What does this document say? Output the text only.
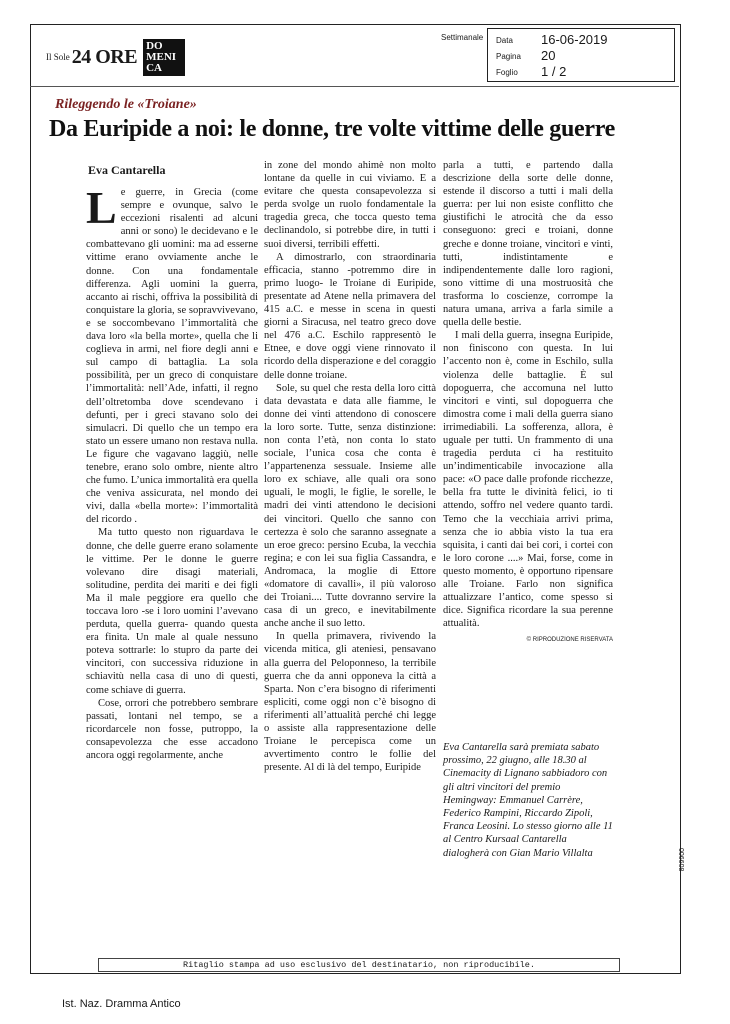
Il Sole 24 ORE DO MENI CA
Settimanale Data 16-06-2019
Pagina 20
Foglio 1 / 2
Rileggendo le «Troiane»
Da Euripide a noi: le donne, tre volte vittime delle guerre
Eva Cantarella

Le guerre, in Grecia (come sempre e ovunque, salvo le eccezioni risalenti ad alcuni anni or sono) le decidevano e le combattevano gli uomini: ma ad esserne vittime erano ovviamente anche le donne. Con una fondamentale differenza. Agli uomini la guerra, accanto ai rischi, offriva la possibilità di conquistare la gloria, se sopravvivevano, e se soccombevano l’immortalità che dava loro «la bella morte», quella che li coglieva in armi, nel fiore degli anni e sul campo di battaglia. La sola possibilità, per un greco di conquistare l’immortalità: nell’Ade, infatti, il regno dell’oltretomba dove scendevano i defunti, per i greci stavano solo dei simulacri. Di quello che un tempo era stato un essere umano non restava nulla. Le figure che vagavano laggiù, nelle tenebre, erano solo ombre, niente altro che fumo. L’unica immortalità era quella che veniva assicurata, nel mondo dei vivi, dalla «bella morte»: l’immortalità del ricordo .

Ma tutto questo non riguardava le donne, che delle guerre erano solamente le vittime. Per le donne le guerre volevano dire disagi materiali, solitudine, perdita dei mariti e dei figli Ma il male peggiore era quello che toccava loro -se i loro uomini l’avevano perduta, quella guerra- quando questa era finita. Un male al quale nessuno poteva sottrarle: lo stupro da parte dei vincitori, con successiva riduzione in schiavitù nella casa di uno di questi, come schiave di guerra.

Cose, orrori che potrebbero sembrare passati, lontani nel tempo, se a ricordarcele non fosse, putroppo, la consapevolezza che esse accadono ancora oggi regolarmente, anche

in zone del mondo ahimè non molto lontane da quelle in cui viviamo. E a evitare che questa consapevolezza si perda svolge un ruolo fondamentale la tragedia greca, che tocca questo tema declinandolo, si potrebbe dire, in tutti i suoi diversi, terribili effetti.

A dimostrarlo, con straordinaria efficacia, stanno -potremmo dire in primo luogo- le Troiane di Euripide, presentate ad Atene nella primavera del 415 a.C. e messe in scena in questi giorni a Siracusa, nel teatro greco dove nel 476 a.C. Eschilo rappresentò le Etnee, e dove oggi viene rinnovato il ricordo della disperazione e del coraggio delle donne troiane.

Sole, su quel che resta della loro città data devastata e data alle fiamme, le donne dei vinti attendono di conoscere la loro sorte. Tutte, senza distinzione: non conta l’età, non conta lo stato sociale, l’unica cosa che conta è l’appartenenza sessuale. Insieme alle loro ex schiave, alle quali ora sono uguali, le mogli, le figlie, le sorelle, le madri dei vinti attendono le decisioni dei vincitori. Quello che sanno con certezza è solo che saranno assegnate a un eroe greco: persino Ecuba, la vecchia regina; e con lei sua figlia Cassandra, e Andromaca, la moglie di Ettore «domatore di cavalli», il più valoroso dei Troiani.... Tutte dovranno servire la casa di un greco, e inevitabilmente anche anche il suo letto.

In quella primavera, rivivendo la vicenda mitica, gli ateniesi, pensavano alla guerra del Peloponneso, la terribile guerra che da anni opponeva la città a Sparta. Non c’era bisogno di riferimenti espliciti, come oggi non c’è bisogno di riferimenti all’attualità perché chi legge o assiste alla rappresentazione delle Troiane le percepisca come un avvertimento contro le follie del presente. Al di là del tempo, Euripide

parla a tutti, e partendo dalla descrizione della sorte delle donne, estende il discorso a tutti i mali della guerra: per lui non esiste conflitto che giustifichi le atrocità che da esso conseguono: greci e troiani, donne greche e donne troiane, vincitori e vinti, tutti, indistintamente e indipendentemente dalle loro ragioni, sono vittime di una mostruosità che trasforma lo coscienze, corrompe la natura umana, arriva a farla simile a quella delle bestie.

I mali della guerra, insegna Euripide, non finiscono con questa. In lui l’accento non è, come in Eschilo, sulla violenza delle battaglie. È sul dopoguerra, che accomuna nel lutto vincitori e vinti, sul dopoguerra che dimostra come i mali della guerra siano irrimediabili. La sofferenza, allora, è uguale per tutti. Un frammento di una tragedia perduta ci ha restituito un’indimenticabile invocazione alla pace: «O pace dalle profonde ricchezze, bella fra tutte le divinità felici, io ti attendo, soffro nel vedere quanto tardi. Temo che la vecchiaia arrivi prima, senza che io abbia visto la tua era squisita, i canti dai bei cori, i cortei con le loro corone ....» Mai, forse, come in questo momento, è opportuno ripensare alle Troiane. Farlo non significa attualizzare l’antico, come spesso si dice. Significa ricordare la sua perenne attualità.

© RIPRODUZIONE RISERVATA
Eva Cantarella sarà premiata sabato prossimo, 22 giugno, alle 18.30 al Cinemacity di Lignano sabbiadoro con gli altri vincitori del premio Hemingway: Emmanuel Carrère, Federico Rampini, Riccardo Zipoli, Franca Leosini. Lo stesso giorno alle 11 al Centro Kursaal Cantarella dialogherà con Gian Mario Villalta	006608
Ritaglio stampa ad uso esclusivo del destinatario, non riproducibile.
Ist. Naz. Dramma Antico
